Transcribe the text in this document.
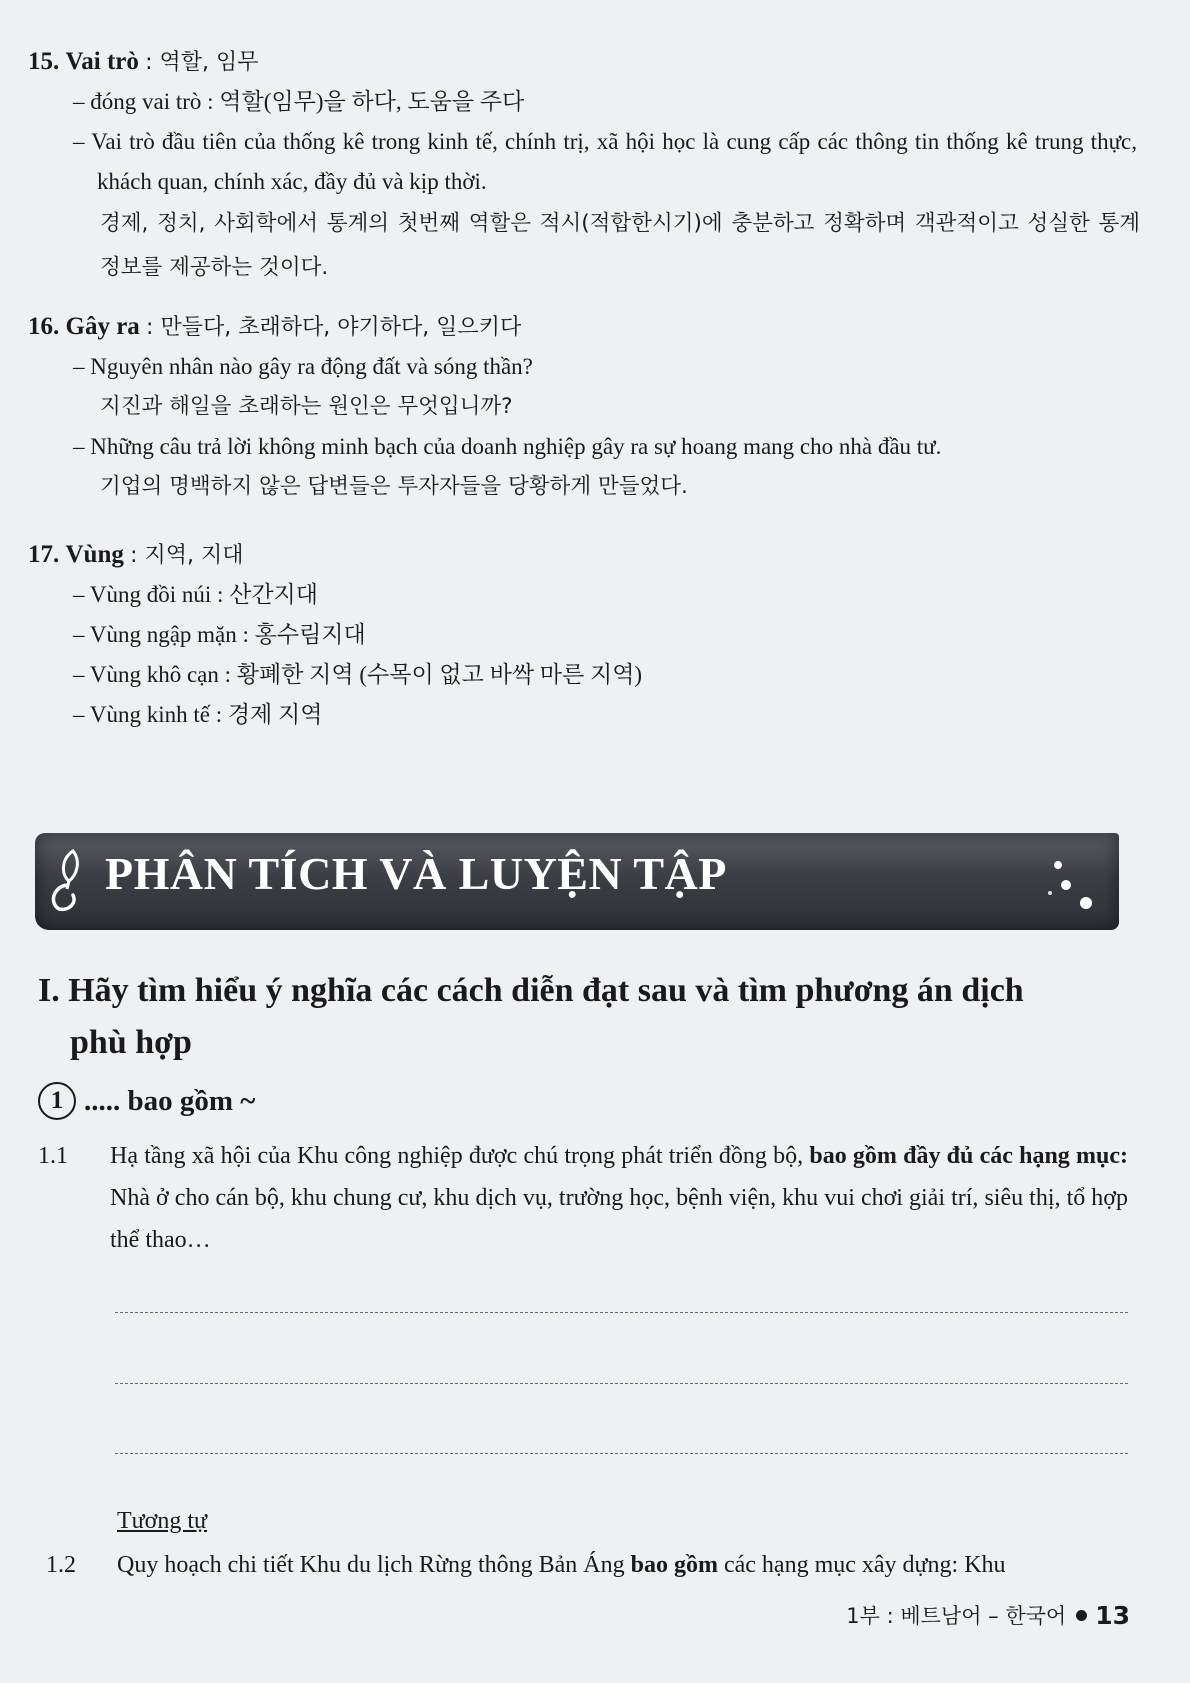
15. Vai trò : 역할, 임무
– đóng vai trò : 역할(임무)을 하다, 도움을 주다
– Vai trò đầu tiên của thống kê trong kinh tế, chính trị, xã hội học là cung cấp các thông tin thống kê trung thực, khách quan, chính xác, đầy đủ và kịp thời.
경제, 정치, 사회학에서 통계의 첫번째 역할은 적시(적합한시기)에 충분하고 정확하며 객관적이고 성실한 통계정보를 제공하는 것이다.
16. Gây ra : 만들다, 초래하다, 야기하다, 일으키다
– Nguyên nhân nào gây ra động đất và sóng thần?
지진과 해일을 초래하는 원인은 무엇입니까?
– Những câu trả lời không minh bạch của doanh nghiệp gây ra sự hoang mang cho nhà đầu tư.
기업의 명백하지 않은 답변들은 투자자들을 당황하게 만들었다.
17. Vùng : 지역, 지대
– Vùng đồi núi : 산간지대
– Vùng ngập mặn : 홍수림지대
– Vùng khô cạn : 황폐한 지역 (수목이 없고 바싹 마른 지역)
– Vùng kinh tế : 경제 지역
PHÂN TÍCH VÀ LUYỆN TẬP
I. Hãy tìm hiểu ý nghĩa các cách diễn đạt sau và tìm phương án dịch
phù hợp
1 ..... bao gồm ~
1.1	Hạ tầng xã hội của Khu công nghiệp được chú trọng phát triển đồng bộ, bao gồm đầy đủ các hạng mục: Nhà ở cho cán bộ, khu chung cư, khu dịch vụ, trường học, bệnh viện, khu vui chơi giải trí, siêu thị, tổ hợp thể thao…
Tương tự
1.2	Quy hoạch chi tiết Khu du lịch Rừng thông Bản Áng bao gồm các hạng mục xây dựng: Khu
1부 : 베트남어 – 한국어 13
